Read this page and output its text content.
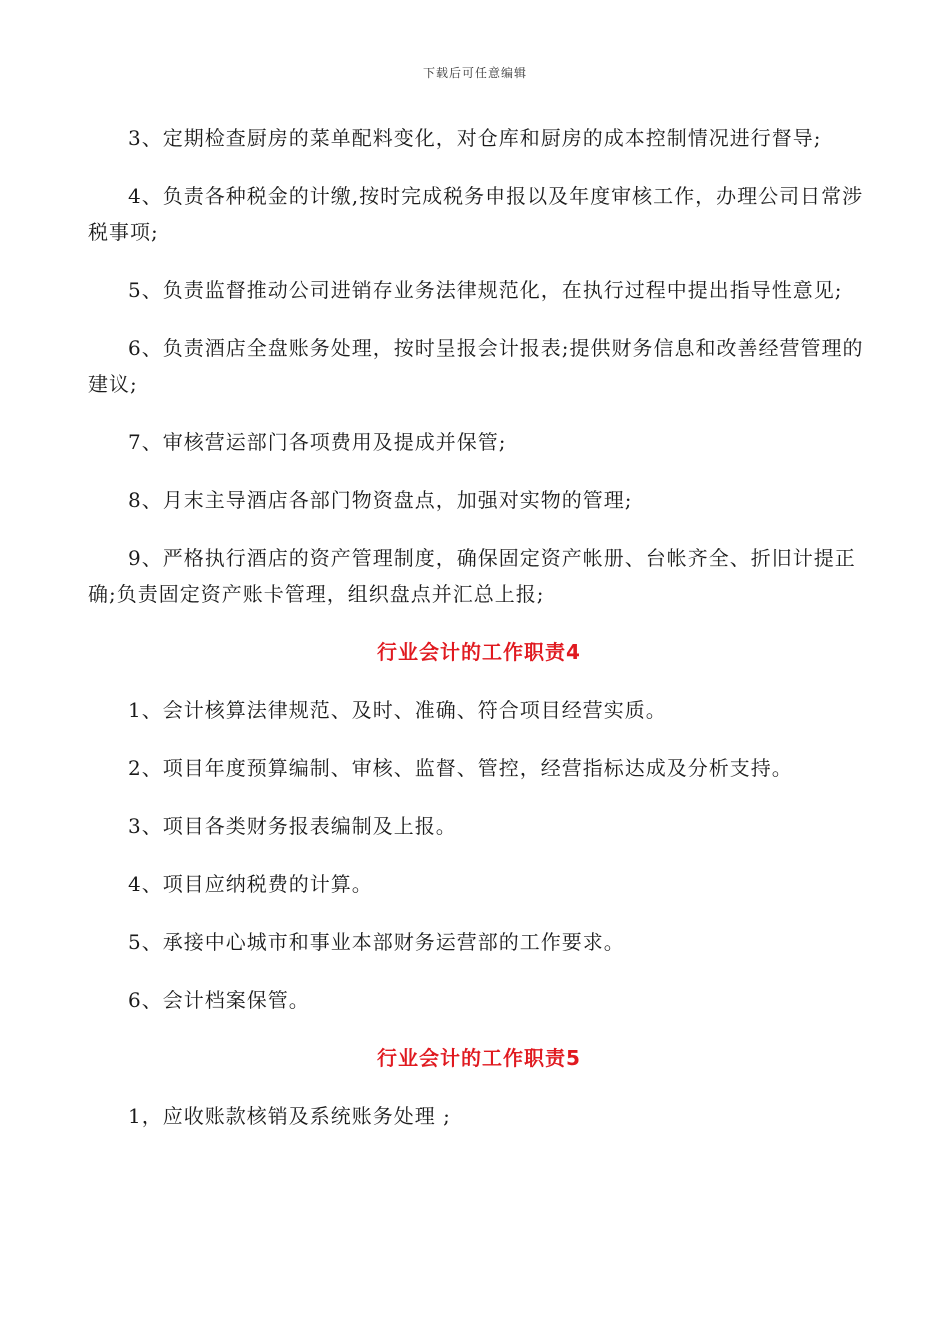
下载后可任意编辑

3、定期检查厨房的菜单配料变化，对仓库和厨房的成本控制情况进行督导;

4、负责各种税金的计缴,按时完成税务申报以及年度审核工作，办理公司日常涉税事项;

5、负责监督推动公司进销存业务法律规范化，在执行过程中提出指导性意见;

6、负责酒店全盘账务处理，按时呈报会计报表;提供财务信息和改善经营管理的建议;

7、审核营运部门各项费用及提成并保管;

8、月末主导酒店各部门物资盘点，加强对实物的管理;

9、严格执行酒店的资产管理制度，确保固定资产帐册、台帐齐全、折旧计提正确;负责固定资产账卡管理，组织盘点并汇总上报;

行业会计的工作职责4

1、会计核算法律规范、及时、准确、符合项目经营实质。

2、项目年度预算编制、审核、监督、管控，经营指标达成及分析支持。

3、项目各类财务报表编制及上报。

4、项目应纳税费的计算。

5、承接中心城市和事业本部财务运营部的工作要求。

6、会计档案保管。

行业会计的工作职责5

1，应收账款核销及系统账务处理 ;
